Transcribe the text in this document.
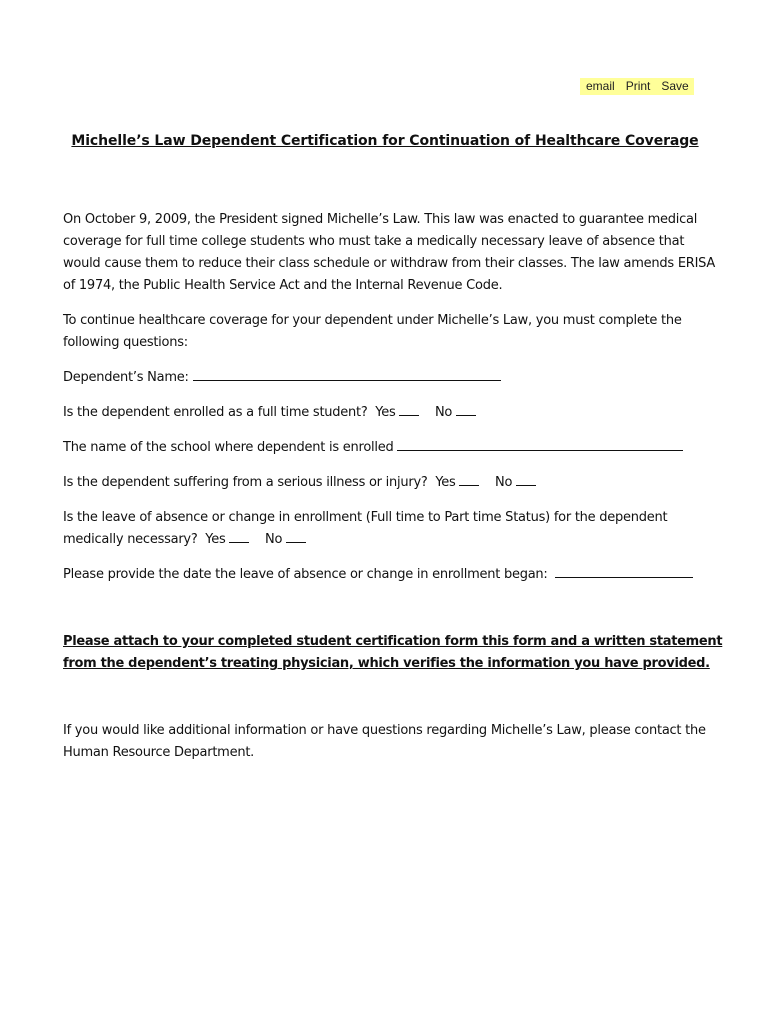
email Print Save
Michelle’s Law Dependent Certification for Continuation of Healthcare Coverage

On October 9, 2009, the President signed Michelle’s Law. This law was enacted to guarantee medical coverage for full time college students who must take a medically necessary leave of absence that would cause them to reduce their class schedule or withdraw from their classes. The law amends ERISA of 1974, the Public Health Service Act and the Internal Revenue Code.

To continue healthcare coverage for your dependent under Michelle’s Law, you must complete the following questions:

Dependent’s Name:

Is the dependent enrolled as a full time student? Yes	No

The name of the school where dependent is enrolled

Is the dependent suffering from a serious illness or injury? Yes	No

Is the leave of absence or change in enrollment (Full time to Part time Status) for the dependent medically necessary? Yes	No

Please provide the date the leave of absence or change in enrollment began:

Please attach to your completed student certification form this form and a written statement from the dependent’s treating physician, which verifies the information you have provided.

If you would like additional information or have questions regarding Michelle’s Law, please contact the Human Resource Department.
